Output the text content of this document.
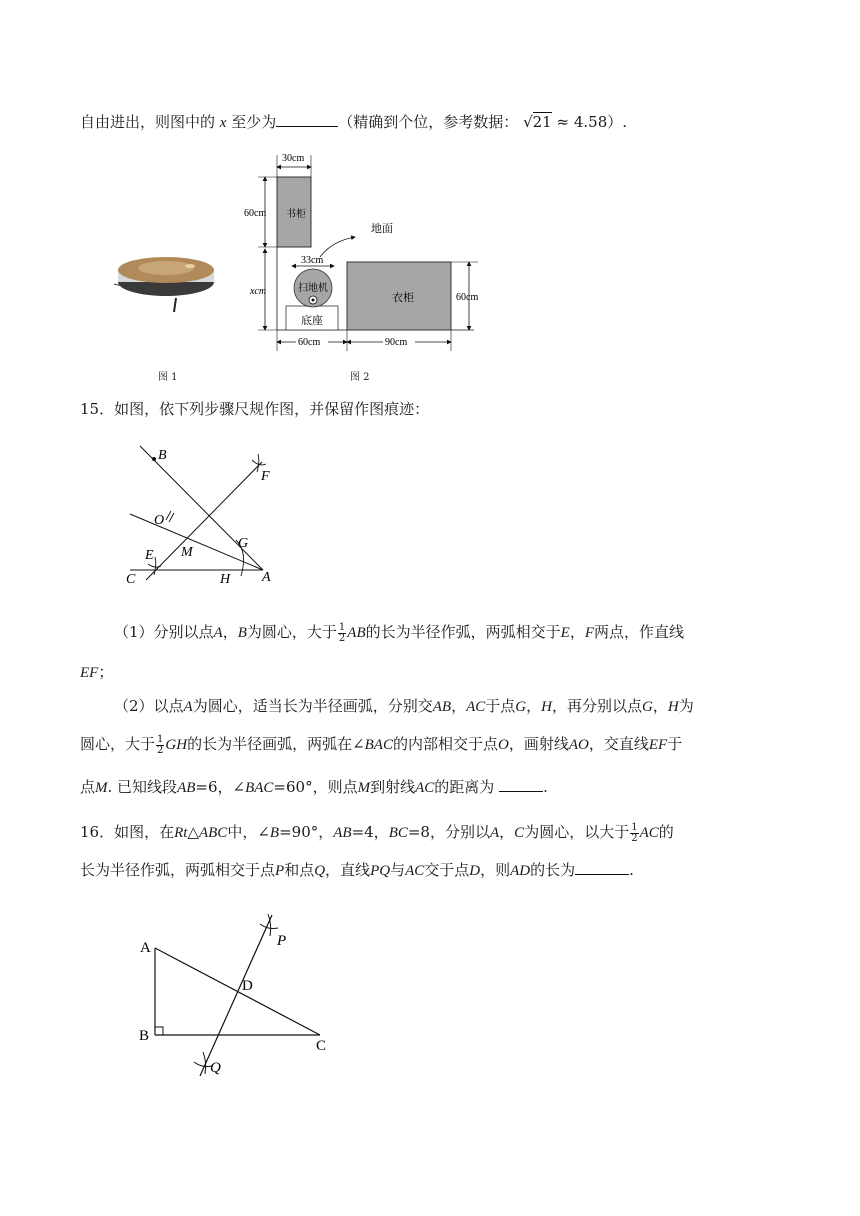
自由进出，则图中的 x 至少为	（精确到个位，参考数据： √21 ≈ 4.58）.
书柜
30cm
60cm
xcm
底座
扫地机
33cm
地面
衣柜	60cm
60cm	90cm
图 1	图 2
15．如图，依下列步骤尺规作图，并保留作图痕迹：
B
F
O
E M
G
C	H A
（1）分别以点A，B为圆心，大于 $\frac{1}{2}$ AB的长为半径作弧，两弧相交于E，F两点，作直线
EF；
（2）以点A为圆心，适当长为半径画弧，分别交AB，AC于点G，H，再分别以点G，H为
圆心，大于 $\frac{1}{2}$ GH的长为半径画弧，两弧在∠BAC的内部相交于点O，画射线AO，交直线EF于
点M. 已知线段AB=6，∠BAC=60°，则点M到射线AC的距离为	.
16．如图，在Rt△ABC中，∠B=90°，AB=4，BC=8，分别以A，C为圆心，以大于 $\frac{1}{2}$ AC的
长为半径作弧，两弧相交于点P和点Q，直线PQ与AC交于点D，则AD的长为	.
A
B
C
D
P
Q
